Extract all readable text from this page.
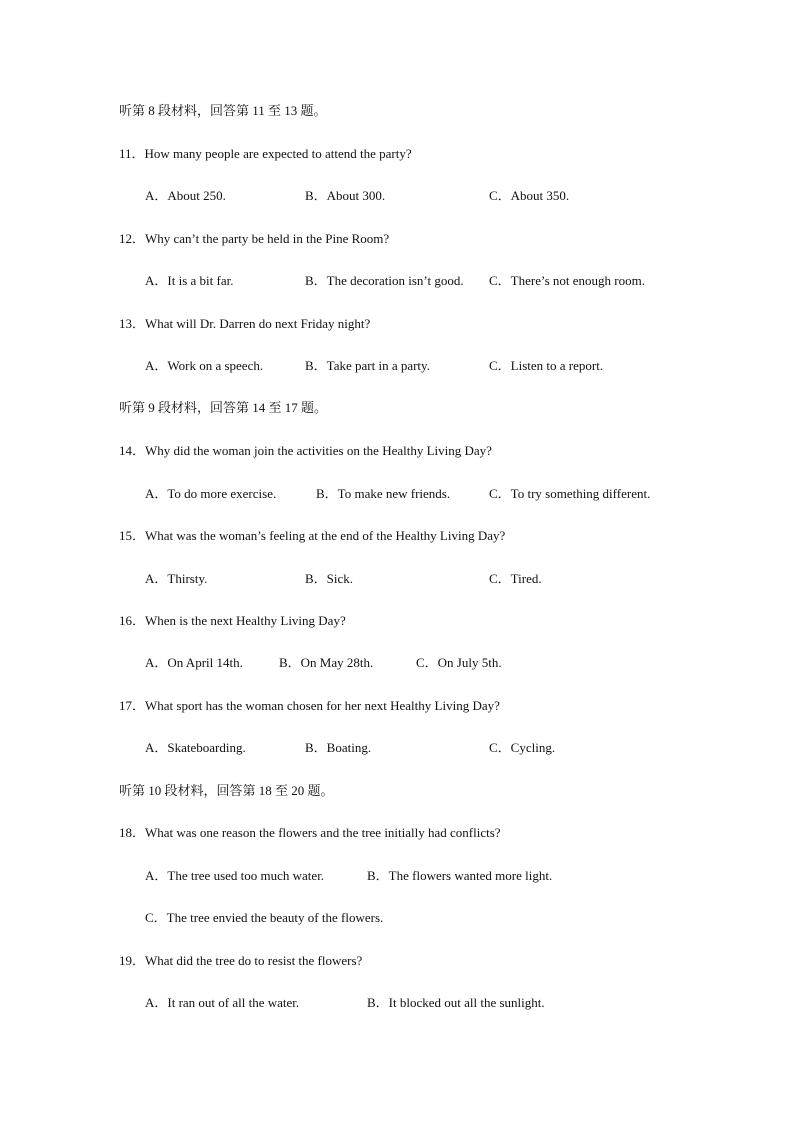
听第 8 段材料，回答第 11 至 13 题。
11．How many people are expected to attend the party?
A．About 250.	B．About 300.	C．About 350.
12．Why can’t the party be held in the Pine Room?
A．It is a bit far.	B．The decoration isn’t good. C．There’s not enough room.
13．What will Dr. Darren do next Friday night?
A．Work on a speech.	B．Take part in a party.	C．Listen to a report.
听第 9 段材料，回答第 14 至 17 题。
14．Why did the woman join the activities on the Healthy Living Day?
A．To do more exercise.	B．To make new friends.	C．To try something different.
15．What was the woman’s feeling at the end of the Healthy Living Day?
A．Thirsty.	B．Sick.	C．Tired.
16．When is the next Healthy Living Day?
A．On April 14th.	B．On May 28th.	C．On July 5th.
17．What sport has the woman chosen for her next Healthy Living Day?
A．Skateboarding.	B．Boating.	C．Cycling.
听第 10 段材料，回答第 18 至 20 题。
18．What was one reason the flowers and the tree initially had conflicts?
A．The tree used too much water.	B．The flowers wanted more light.
C．The tree envied the beauty of the flowers.
19．What did the tree do to resist the flowers?
A．It ran out of all the water.	B．It blocked out all the sunlight.
